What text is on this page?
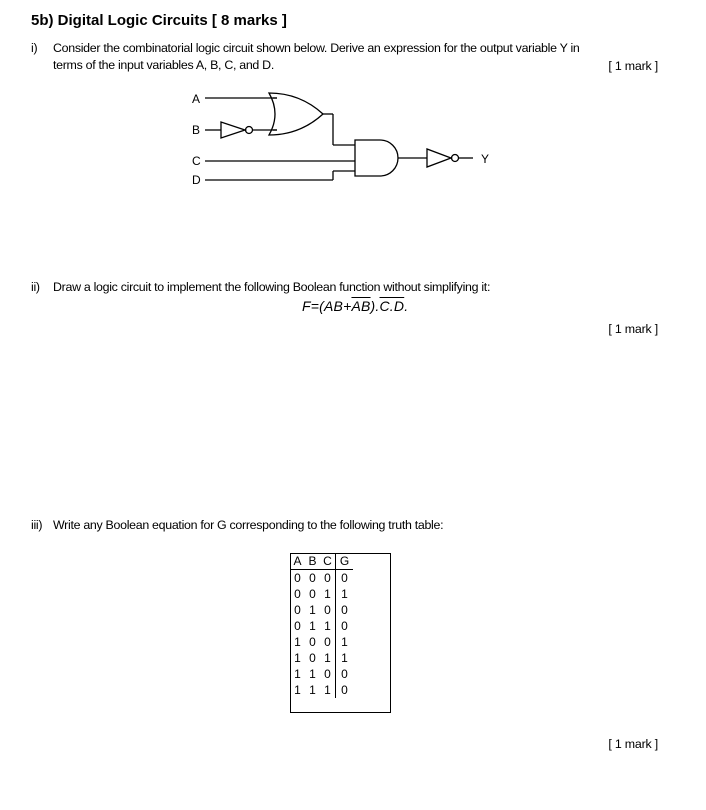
5b) Digital Logic Circuits [ 8 marks ]
i) Consider the combinatorial logic circuit shown below. Derive an expression for the output variable Y in
terms of the input variables A, B, C, and D.	[ 1 mark ]
A
B
C
D
Y
ii) Draw a logic circuit to implement the following Boolean function without simplifying it:
$F=(AB+\overline{A}\overline{B}).C.D$.
[ 1 mark ]
iii) Write any Boolean equation for G corresponding to the following truth table:
A	B	C	G
0	0	0	0
0	0	1	1
0	1	0	0
0	1	1	0
1	0	0	1
1	0	1	1
1	1	0	0
1	1	1	0
[ 1 mark ]
